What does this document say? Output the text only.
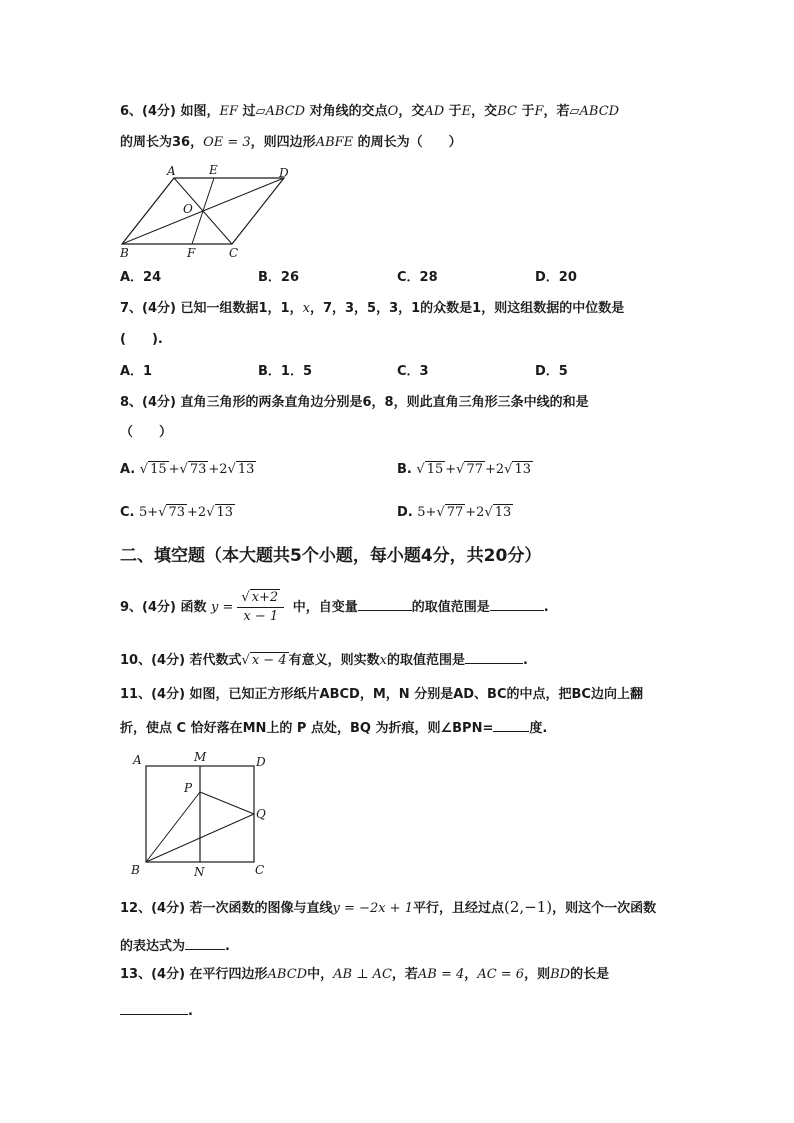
6、(4分) 如图，EF 过▱ABCD 对角线的交点O，交AD 于E，交BC 于F，若▱ABCD
的周长为36，OE = 3，则四边形ABFE 的周长为（　　）
A	E	D
O
B	F	C
A．24	B．26	C．28	D．20
7、(4分) 已知一组数据1，1，x，7，3，5，3，1的众数是1，则这组数据的中位数是
(　　).
A．1	B．1．5	C．3	D．5
8、(4分) 直角三角形的两条直角边分别是6，8，则此直角三角形三条中线的和是
（　　）
A. √ 15 +√ 73 +2√ 13	B. √ 15 +√ 77 +2√ 13
C. 5+√ 73 +2√ 13	D. 5+√ 77 +2√ 13
二、填空题（本大题共5个小题，每小题4分，共20分）
9、(4分) 函数 $y = \frac{√ x+2}{x - 1}$ 中，自变量	的取值范围是	.
10、(4分) 若代数式√ x − 4 有意义，则实数x的取值范围是	.
11、(4分) 如图，已知正方形纸片ABCD，M，N 分别是AD、BC的中点，把BC边向上翻
折，使点 C 恰好落在MN上的 P 点处，BQ 为折痕，则∠BPN=	度.
A	M	D
P
Q
B	N	C
12、(4分) 若一次函数的图像与直线y = −2x + 1平行，且经过点(2,−1)，则这个一次函数
的表达式为	.
13、(4分) 在平行四边形ABCD中，AB ⊥ AC，若AB = 4，AC = 6，则BD的长是
.
